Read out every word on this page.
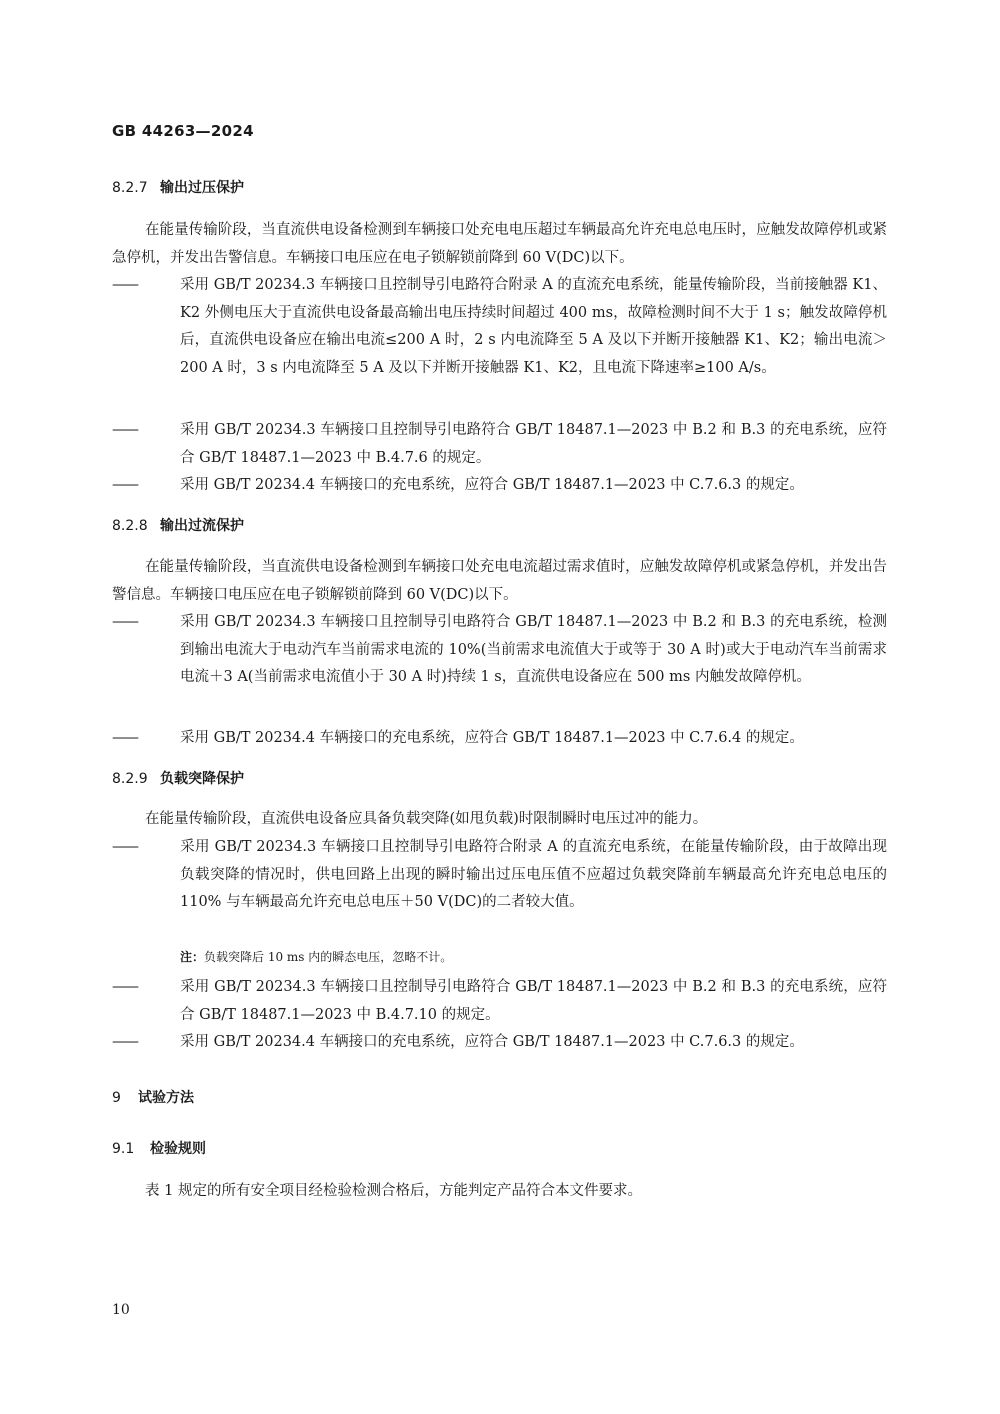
GB 44263—2024
8.2.7 输出过压保护

在能量传输阶段，当直流供电设备检测到车辆接口处充电电压超过车辆最高允许充电总电压时，应触发故障停机或紧急停机，并发出告警信息。车辆接口电压应在电子锁解锁前降到 60 V(DC)以下。

——	采用 GB/T 20234.3 车辆接口且控制导引电路符合附录 A 的直流充电系统，能量传输阶段，当前接触器 K1、K2 外侧电压大于直流供电设备最高输出电压持续时间超过 400 ms，故障检测时间不大于 1 s；触发故障停机后，直流供电设备应在输出电流≤200 A 时，2 s 内电流降至 5 A 及以下并断开接触器 K1、K2；输出电流＞200 A 时，3 s 内电流降至 5 A 及以下并断开接触器 K1、K2，且电流下降速率≥100 A/s。

——	采用 GB/T 20234.3 车辆接口且控制导引电路符合 GB/T 18487.1—2023 中 B.2 和 B.3 的充电系统，应符合 GB/T 18487.1—2023 中 B.4.7.6 的规定。

——	采用 GB/T 20234.4 车辆接口的充电系统，应符合 GB/T 18487.1—2023 中 C.7.6.3 的规定。

8.2.8 输出过流保护

在能量传输阶段，当直流供电设备检测到车辆接口处充电电流超过需求值时，应触发故障停机或紧急停机，并发出告警信息。车辆接口电压应在电子锁解锁前降到 60 V(DC)以下。

——	采用 GB/T 20234.3 车辆接口且控制导引电路符合 GB/T 18487.1—2023 中 B.2 和 B.3 的充电系统，检测到输出电流大于电动汽车当前需求电流的 10%(当前需求电流值大于或等于 30 A 时)或大于电动汽车当前需求电流＋3 A(当前需求电流值小于 30 A 时)持续 1 s，直流供电设备应在 500 ms 内触发故障停机。

——	采用 GB/T 20234.4 车辆接口的充电系统，应符合 GB/T 18487.1—2023 中 C.7.6.4 的规定。

8.2.9 负载突降保护

在能量传输阶段，直流供电设备应具备负载突降(如甩负载)时限制瞬时电压过冲的能力。

——	采用 GB/T 20234.3 车辆接口且控制导引电路符合附录 A 的直流充电系统，在能量传输阶段，由于故障出现负载突降的情况时，供电回路上出现的瞬时输出过压电压值不应超过负载突降前车辆最高允许充电总电压的 110% 与车辆最高允许充电总电压＋50 V(DC)的二者较大值。

注：负载突降后 10 ms 内的瞬态电压，忽略不计。

——	采用 GB/T 20234.3 车辆接口且控制导引电路符合 GB/T 18487.1—2023 中 B.2 和 B.3 的充电系统，应符合 GB/T 18487.1—2023 中 B.4.7.10 的规定。

——	采用 GB/T 20234.4 车辆接口的充电系统，应符合 GB/T 18487.1—2023 中 C.7.6.3 的规定。

9 试验方法
9.1 检验规则

表 1 规定的所有安全项目经检验检测合格后，方能判定产品符合本文件要求。

10
